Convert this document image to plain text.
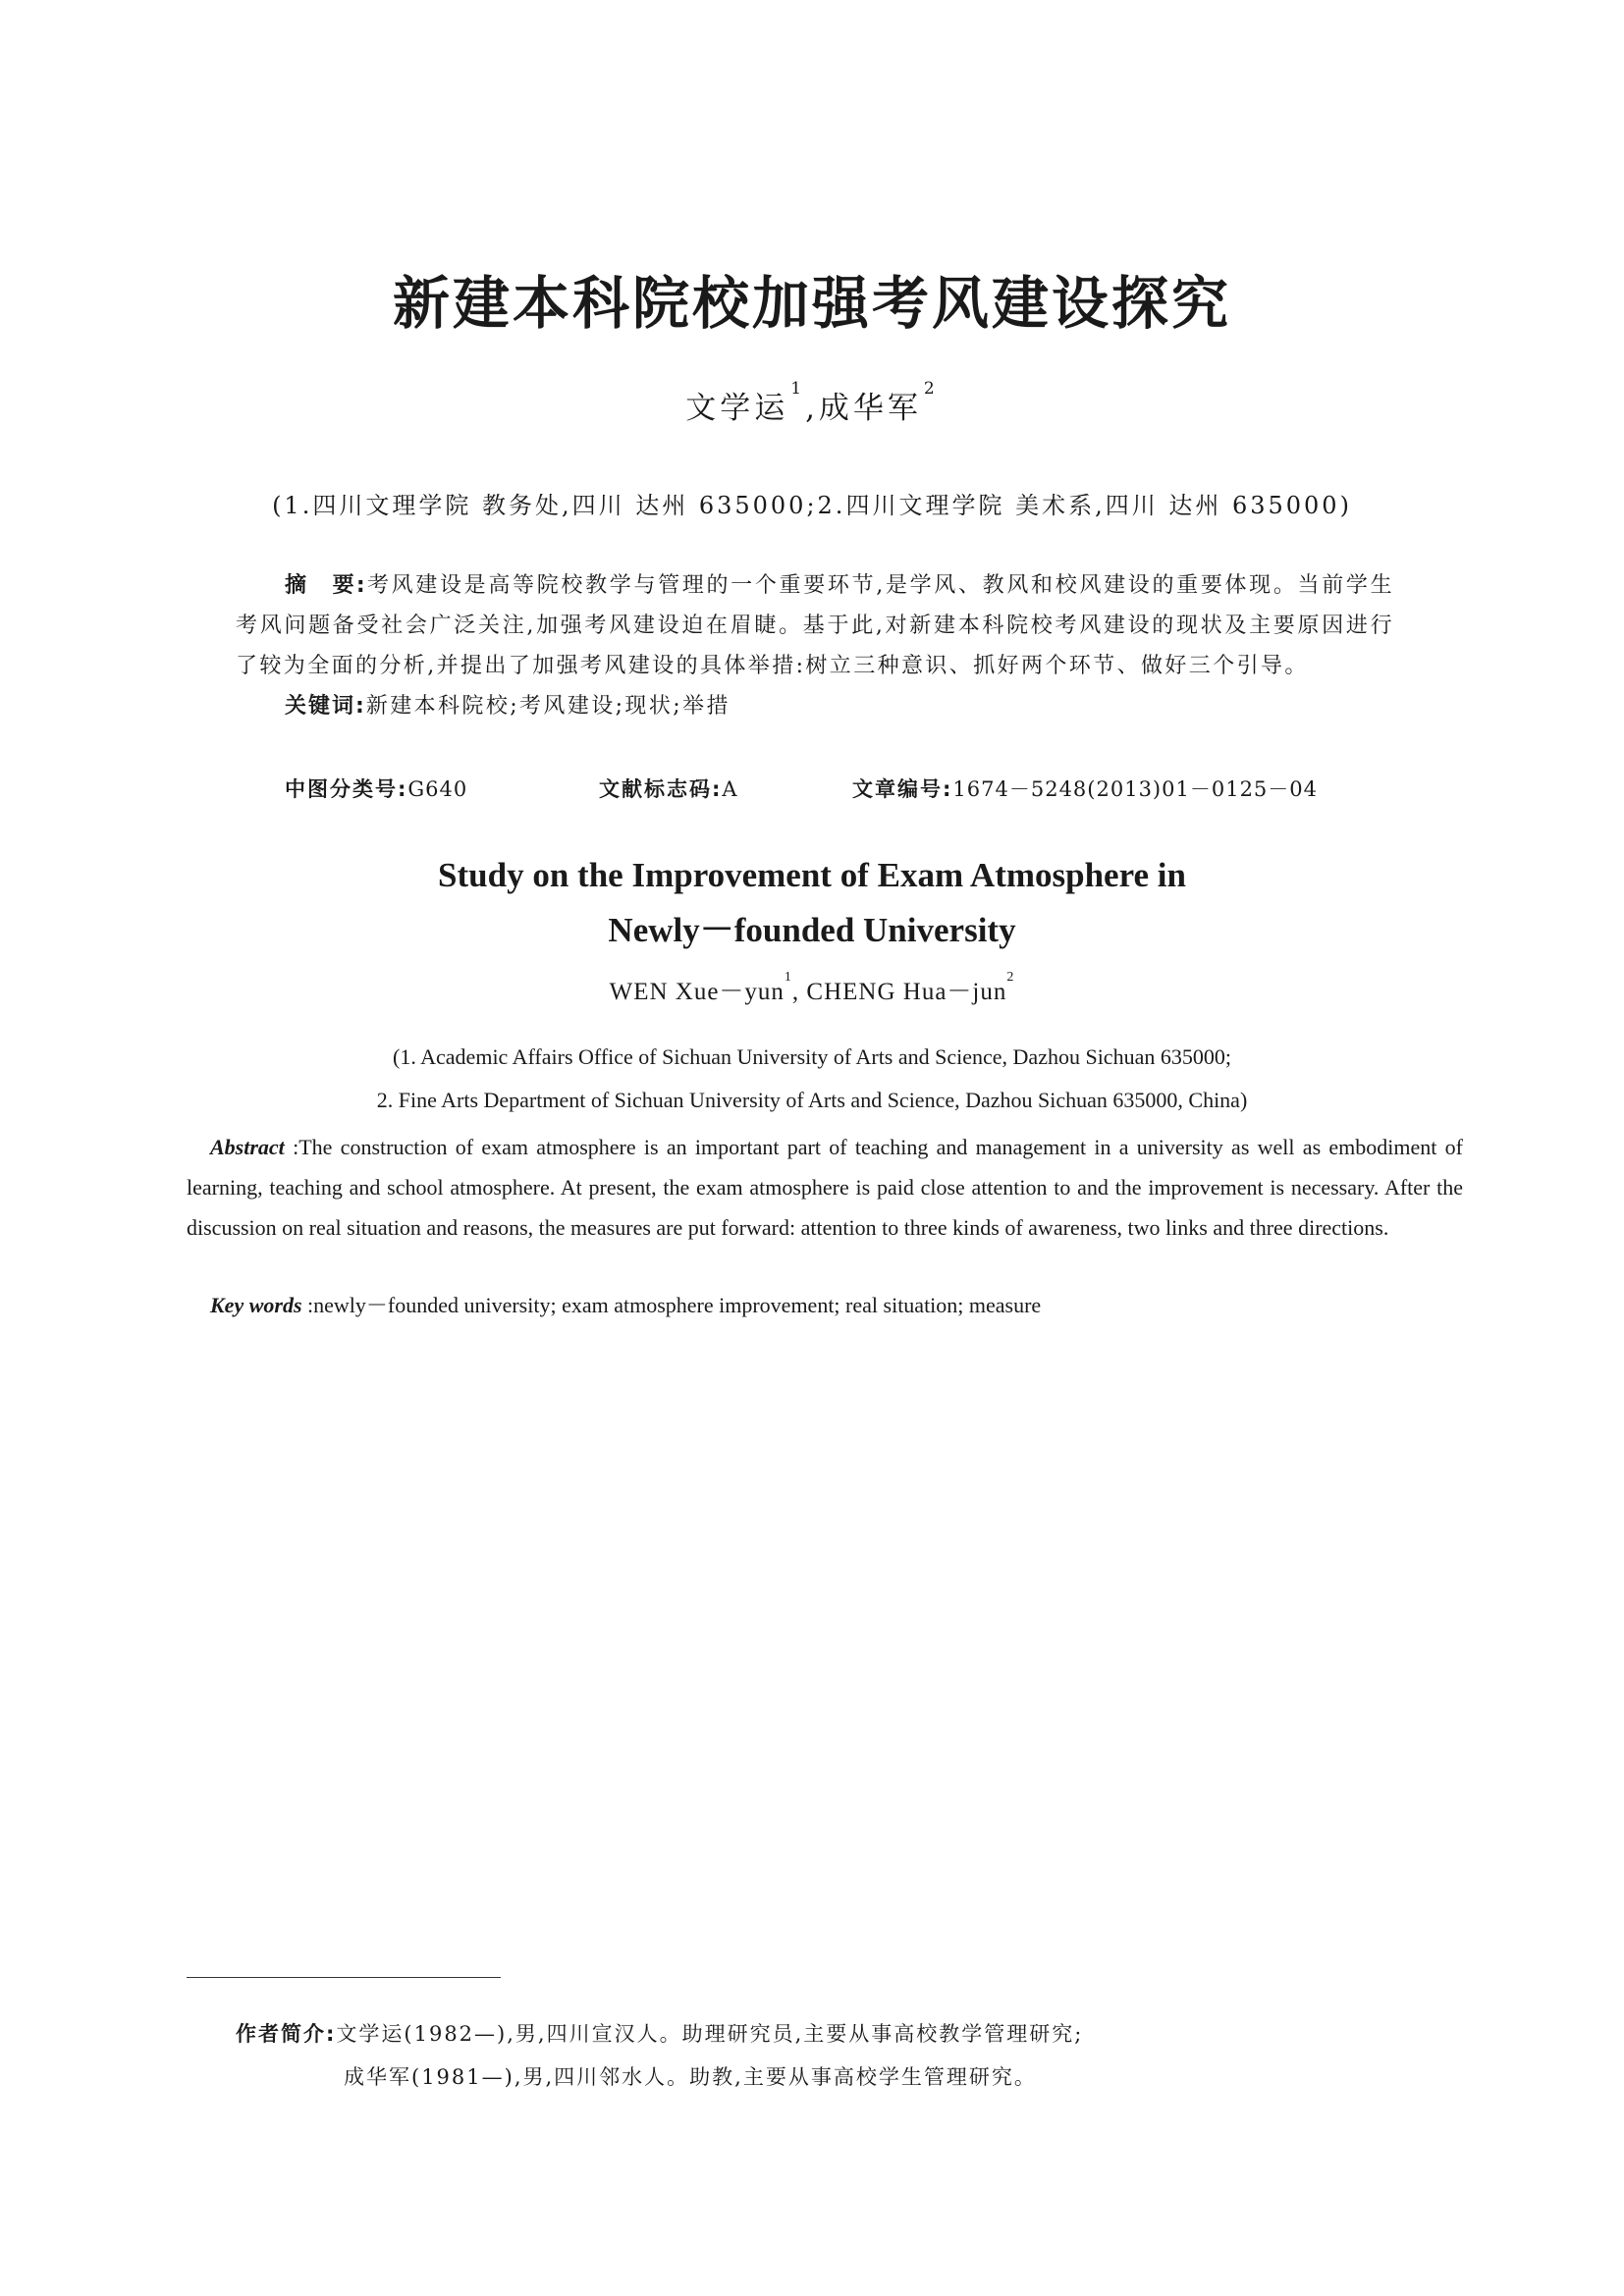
新建本科院校加强考风建设探究
文学运$^1$,成华军$^2$
(1.四川文理学院 教务处,四川 达州 635000;2.四川文理学院 美术系,四川 达州 635000)
摘　要:考风建设是高等院校教学与管理的一个重要环节,是学风、教风和校风建设的重要体现。当前学生考风问题备受社会广泛关注,加强考风建设迫在眉睫。基于此,对新建本科院校考风建设的现状及主要原因进行了较为全面的分析,并提出了加强考风建设的具体举措:树立三种意识、抓好两个环节、做好三个引导。
关键词:新建本科院校;考风建设;现状;举措
中图分类号:G640	文献标志码:A	文章编号:1674－5248(2013)01－0125－04
Study on the Improvement of Exam Atmosphere in
Newly－founded University
WEN Xue－yun$^1$, CHENG Hua－jun$^2$
(1. Academic Affairs Office of Sichuan University of Arts and Science, Dazhou Sichuan 635000;
2. Fine Arts Department of Sichuan University of Arts and Science, Dazhou Sichuan 635000, China)
Abstract :The construction of exam atmosphere is an important part of teaching and management in a university as well as embodiment of learning, teaching and school atmosphere. At present, the exam atmosphere is paid close attention to and the improvement is necessary. After the discussion on real situation and reasons, the measures are put forward: attention to three kinds of awareness, two links and three directions.
Key words :newly－founded university; exam atmosphere improvement; real situation; measure
作者简介:文学运(1982—),男,四川宣汉人。助理研究员,主要从事高校教学管理研究;
成华军(1981—),男,四川邻水人。助教,主要从事高校学生管理研究。
